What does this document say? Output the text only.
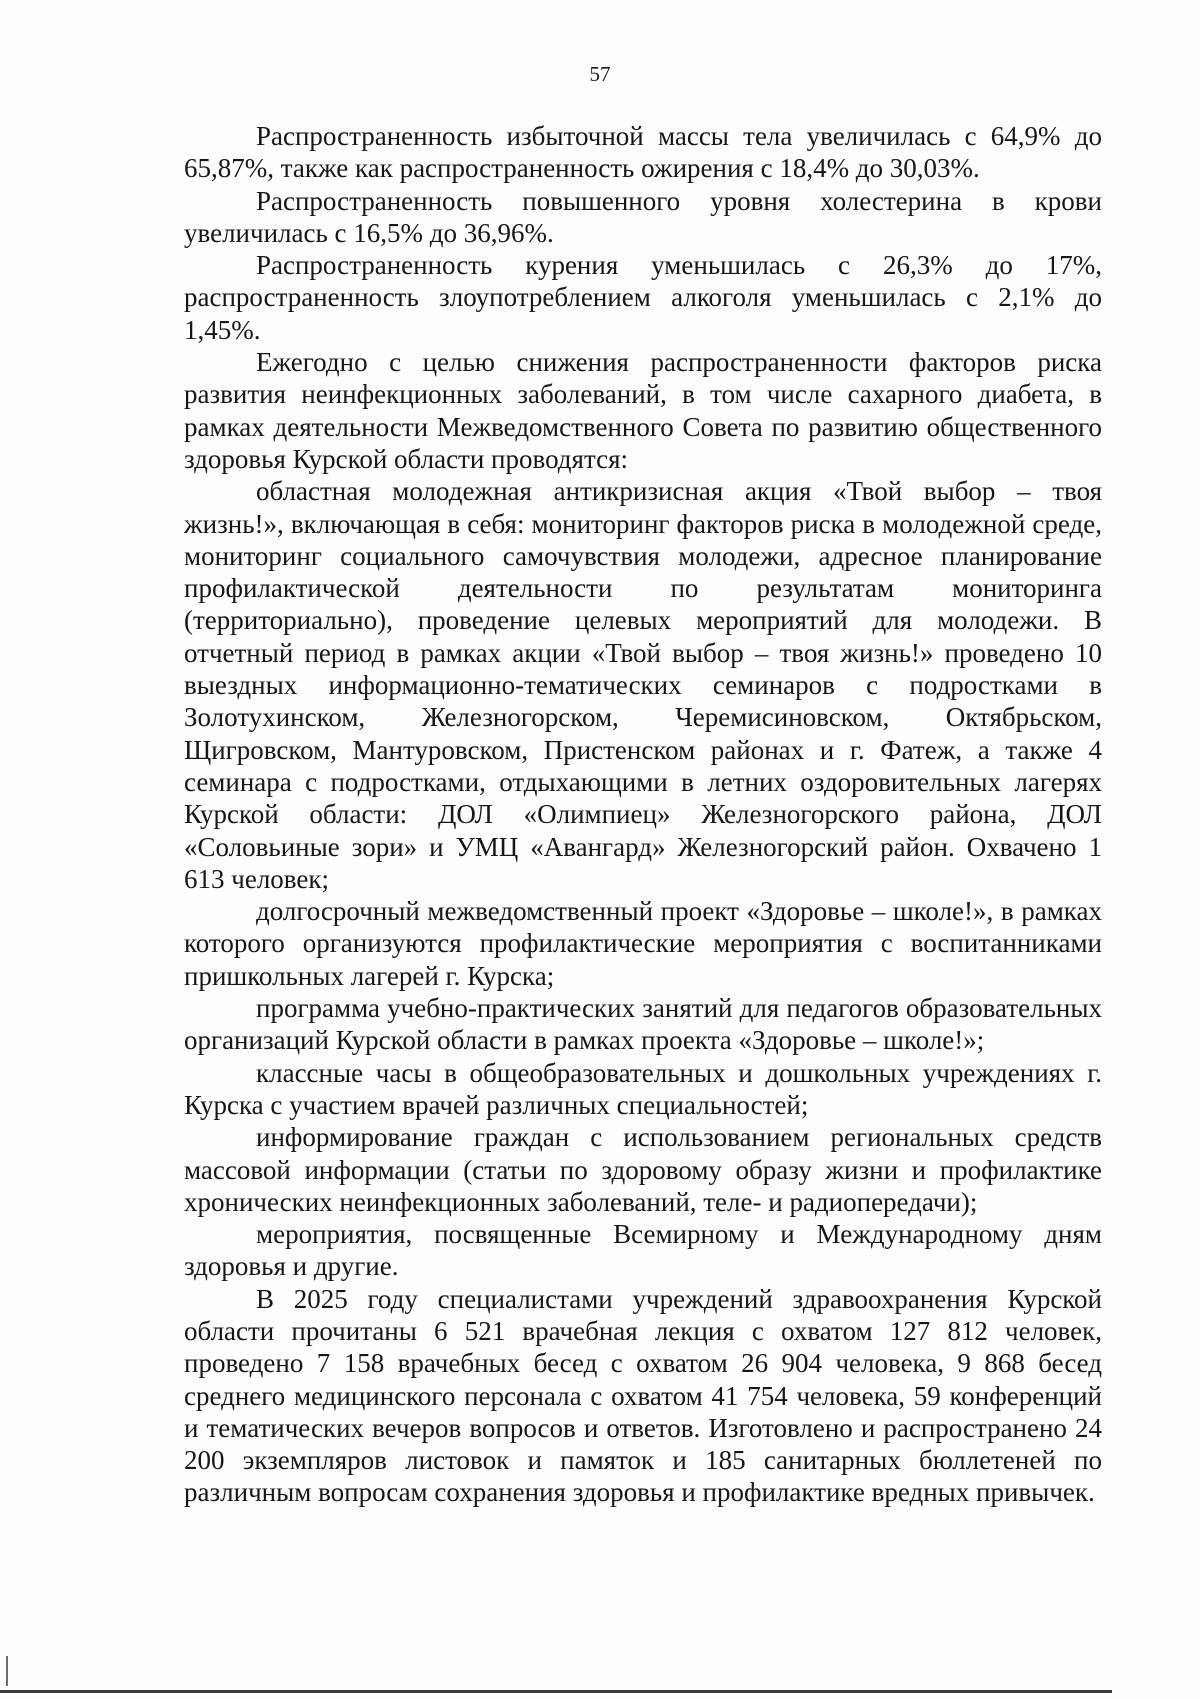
57

Распространенность избыточной массы тела увеличилась с 64,9% до 65,87%, также как распространенность ожирения с 18,4% до 30,03%.

Распространенность повышенного уровня холестерина в крови увеличилась с 16,5% до 36,96%.

Распространенность курения уменьшилась с 26,3% до 17%, распространенность злоупотреблением алкоголя уменьшилась с 2,1% до 1,45%.

Ежегодно с целью снижения распространенности факторов риска развития неинфекционных заболеваний, в том числе сахарного диабета, в рамках деятельности Межведомственного Совета по развитию общественного здоровья Курской области проводятся:

областная молодежная антикризисная акция «Твой выбор – твоя жизнь!», включающая в себя: мониторинг факторов риска в молодежной среде, мониторинг социального самочувствия молодежи, адресное планирование профилактической деятельности по результатам мониторинга (территориально), проведение целевых мероприятий для молодежи. В отчетный период в рамках акции «Твой выбор – твоя жизнь!» проведено 10 выездных информационно-тематических семинаров с подростками в Золотухинском, Железногорском, Черемисиновском, Октябрьском, Щигровском, Мантуровском, Пристенском районах и г. Фатеж, а также 4 семинара с подростками, отдыхающими в летних оздоровительных лагерях Курской области: ДОЛ «Олимпиец» Железногорского района, ДОЛ «Соловьиные зори» и УМЦ «Авангард» Железногорский район. Охвачено 1 613 человек;

долгосрочный межведомственный проект «Здоровье – школе!», в рамках которого организуются профилактические мероприятия с воспитанниками пришкольных лагерей г. Курска;

программа учебно-практических занятий для педагогов образовательных организаций Курской области в рамках проекта «Здоровье – школе!»;

классные часы в общеобразовательных и дошкольных учреждениях г. Курска с участием врачей различных специальностей;

информирование граждан с использованием региональных средств массовой информации (статьи по здоровому образу жизни и профилактике хронических неинфекционных заболеваний, теле- и радиопередачи);

мероприятия, посвященные Всемирному и Международному дням здоровья и другие.

В 2025 году специалистами учреждений здравоохранения Курской области прочитаны 6 521 врачебная лекция с охватом 127 812 человек, проведено 7 158 врачебных бесед с охватом 26 904 человека, 9 868 бесед среднего медицинского персонала с охватом 41 754 человека, 59 конференций и тематических вечеров вопросов и ответов. Изготовлено и распространено 24 200 экземпляров листовок и памяток и 185 санитарных бюллетеней по различным вопросам сохранения здоровья и профилактике вредных привычек.
